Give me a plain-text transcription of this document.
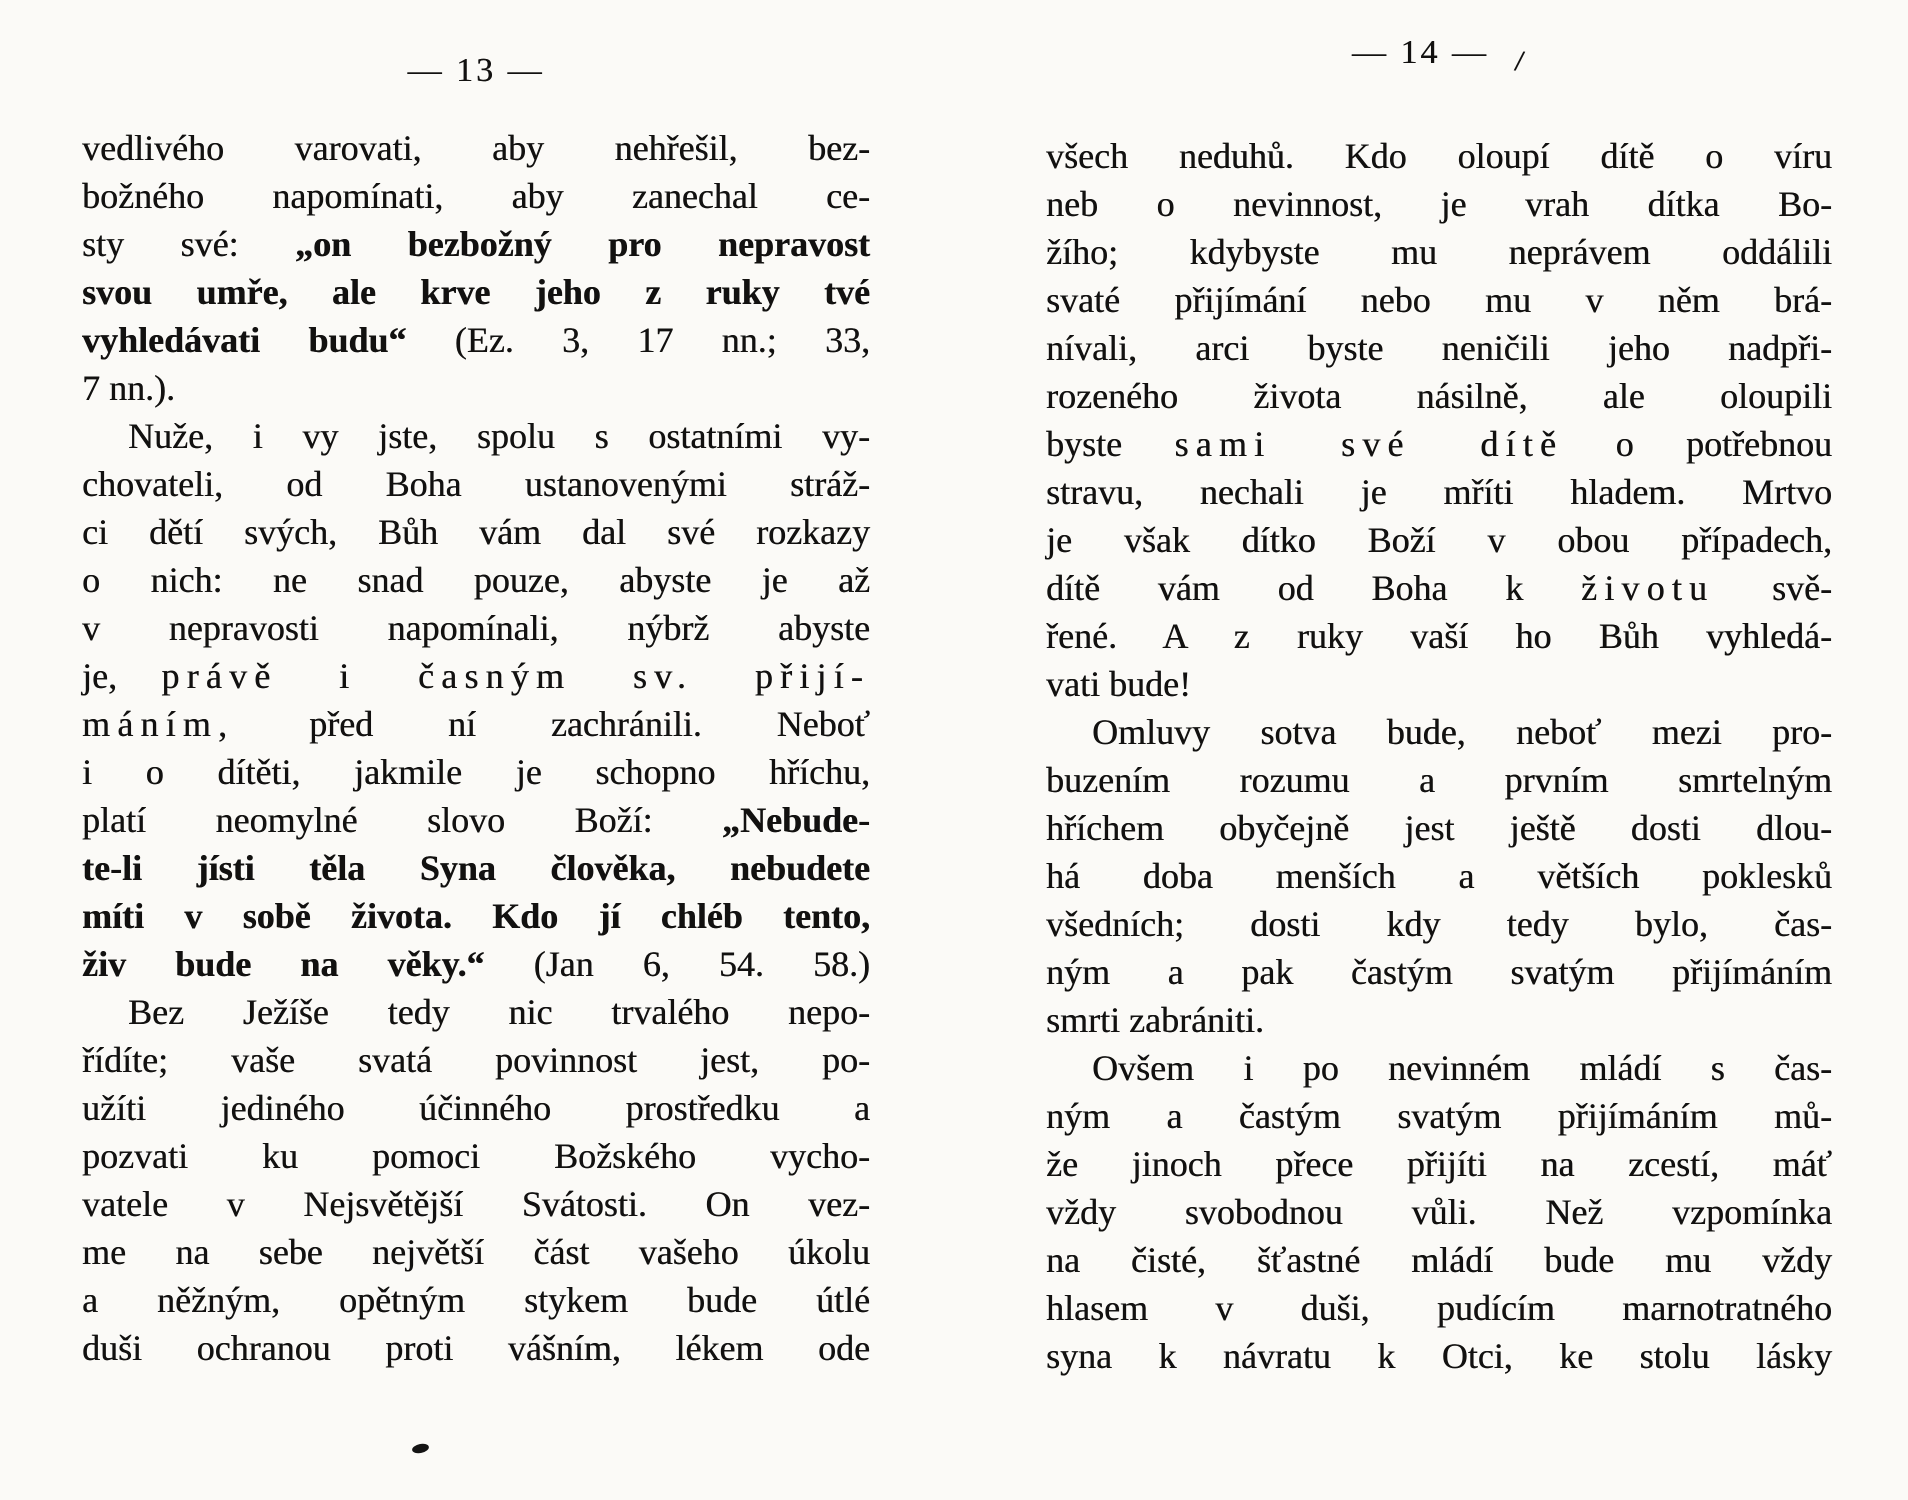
— 13 —	— 14 — /
vedlivého varovati, aby nehřešil, bez-
božného napomínati, aby zanechal ce-
sty své: „on bezbožný pro nepravost
svou umře, ale krve jeho z ruky tvé
vyhledávati budu“ (Ez. 3, 17 nn.; 33,
7 nn.).
Nuže, i vy jste, spolu s ostatními vy-
chovateli, od Boha ustanovenými stráž-
ci dětí svých, Bůh vám dal své rozkazy
o nich: ne snad pouze, abyste je až
v nepravosti napomínali, nýbrž abyste
je, právě i časným sv. přijí-
máním, před ní zachránili. Neboť
i o dítěti, jakmile je schopno hříchu,
platí neomylné slovo Boží: „Nebude-
te-li jísti těla Syna člověka, nebudete
míti v sobě života. Kdo jí chléb tento,
živ bude na věky.“ (Jan 6, 54. 58.)
Bez Ježíše tedy nic trvalého nepo-
řídíte; vaše svatá povinnost jest, po-
užíti jediného účinného prostředku a
pozvati ku pomoci Božského vycho-
vatele v Nejsvětější Svátosti. On vez-
me na sebe největší část vašeho úkolu
a něžným, opětným stykem bude útlé
duši ochranou proti vášním, lékem ode
všech neduhů. Kdo oloupí dítě o víru
neb o nevinnost, je vrah dítka Bo-
žího; kdybyste mu neprávem oddálili
svaté přijímání nebo mu v něm brá-
nívali, arci byste neničili jeho nadpři-
rozeného života násilně, ale oloupili
byste sami své dítě o potřebnou
stravu, nechali je mříti hladem. Mrtvo
je však dítko Boží v obou případech,
dítě vám od Boha k životu svě-
řené. A z ruky vaší ho Bůh vyhledá-
vati bude!
Omluvy sotva bude, neboť mezi pro-
buzením rozumu a prvním smrtelným
hříchem obyčejně jest ještě dosti dlou-
há doba menších a větších poklesků
všedních; dosti kdy tedy bylo, čas-
ným a pak častým svatým přijímáním
smrti zabrániti.
Ovšem i po nevinném mládí s čas-
ným a častým svatým přijímáním mů-
že jinoch přece přijíti na zcestí, máť
vždy svobodnou vůli. Než vzpomínka
na čisté, šťastné mládí bude mu vždy
hlasem v duši, pudícím marnotratného
syna k návratu k Otci, ke stolu lásky
